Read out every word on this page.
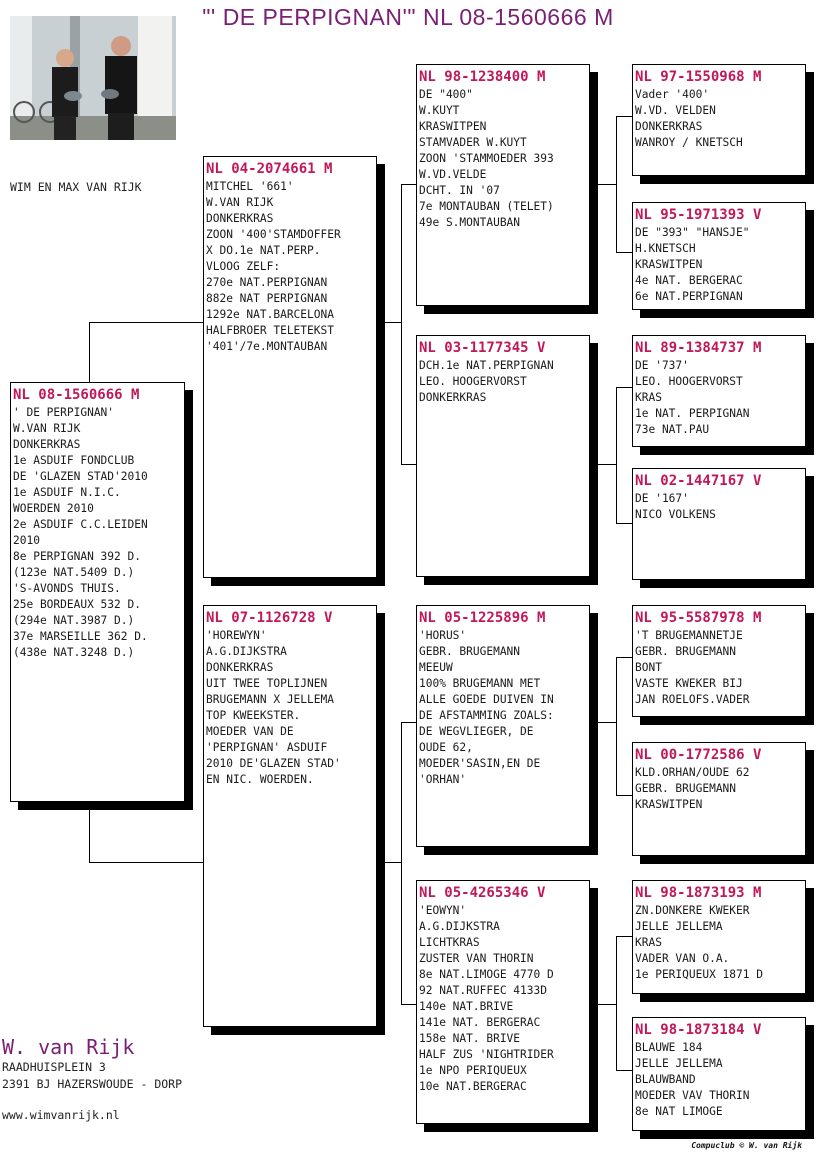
"' DE PERPIGNAN'" NL 08-1560666 M
WIM EN MAX VAN RIJK
NL 08-1560666 M
' DE PERPIGNAN'
W.VAN RIJK
DONKERKRAS
1e ASDUIF FONDCLUB
DE 'GLAZEN STAD'2010
1e ASDUIF N.I.C.
WOERDEN 2010
2e ASDUIF C.C.LEIDEN
2010
8e PERPIGNAN 392 D.
(123e NAT.5409 D.)
'S-AVONDS THUIS.
25e BORDEAUX 532 D.
(294e NAT.3987 D.)
37e MARSEILLE 362 D.
(438e NAT.3248 D.)
NL 04-2074661 M
MITCHEL '661'
W.VAN RIJK
DONKERKRAS
ZOON '400'STAMDOFFER
X DO.1e NAT.PERP.
VLOOG ZELF:
270e NAT.PERPIGNAN
882e NAT PERPIGNAN
1292e NAT.BARCELONA
HALFBROER TELETEKST
'401'/7e.MONTAUBAN
NL 07-1126728 V
'HOREWYN'
A.G.DIJKSTRA
DONKERKRAS
UIT TWEE TOPLIJNEN
BRUGEMANN X JELLEMA
TOP KWEEKSTER.
MOEDER VAN DE
'PERPIGNAN' ASDUIF
2010 DE'GLAZEN STAD'
EN NIC. WOERDEN.
NL 98-1238400 M
DE "400"
W.KUYT
KRASWITPEN
STAMVADER W.KUYT
ZOON 'STAMMOEDER 393
W.VD.VELDE
DCHT. IN '07
7e MONTAUBAN (TELET)
49e S.MONTAUBAN
NL 03-1177345 V
DCH.1e NAT.PERPIGNAN
LEO. HOOGERVORST
DONKERKRAS
NL 05-1225896 M
'HORUS'
GEBR. BRUGEMANN
MEEUW
100% BRUGEMANN MET
ALLE GOEDE DUIVEN IN
DE AFSTAMMING ZOALS:
DE WEGVLIEGER, DE
OUDE 62,
MOEDER'SASIN,EN DE
'ORHAN'
NL 05-4265346 V
'EOWYN'
A.G.DIJKSTRA
LICHTKRAS
ZUSTER VAN THORIN
8e NAT.LIMOGE 4770 D
92 NAT.RUFFEC 4133D
140e NAT.BRIVE
141e NAT. BERGERAC
158e NAT. BRIVE
HALF ZUS 'NIGHTRIDER
1e NPO PERIQUEUX
10e NAT.BERGERAC
NL 97-1550968 M
Vader '400'
W.VD. VELDEN
DONKERKRAS
WANROY / KNETSCH
NL 95-1971393 V
DE "393" "HANSJE"
H.KNETSCH
KRASWITPEN
4e NAT. BERGERAC
6e NAT.PERPIGNAN
NL 89-1384737 M
DE '737'
LEO. HOOGERVORST
KRAS
1e NAT. PERPIGNAN
73e NAT.PAU
NL 02-1447167 V
DE '167'
NICO VOLKENS
NL 95-5587978 M
'T BRUGEMANNETJE
GEBR. BRUGEMANN
BONT
VASTE KWEKER BIJ
JAN ROELOFS.VADER
NL 00-1772586 V
KLD.ORHAN/OUDE 62
GEBR. BRUGEMANN
KRASWITPEN
NL 98-1873193 M
ZN.DONKERE KWEKER
JELLE JELLEMA
KRAS
VADER VAN O.A.
1e PERIQUEUX 1871 D
NL 98-1873184 V
BLAUWE 184
JELLE JELLEMA
BLAUWBAND
MOEDER VAV THORIN
8e NAT LIMOGE
W. van Rijk
RAADHUISPLEIN 3
2391 BJ HAZERSWOUDE - DORP
www.wimvanrijk.nl
Compuclub © W. van Rijk
